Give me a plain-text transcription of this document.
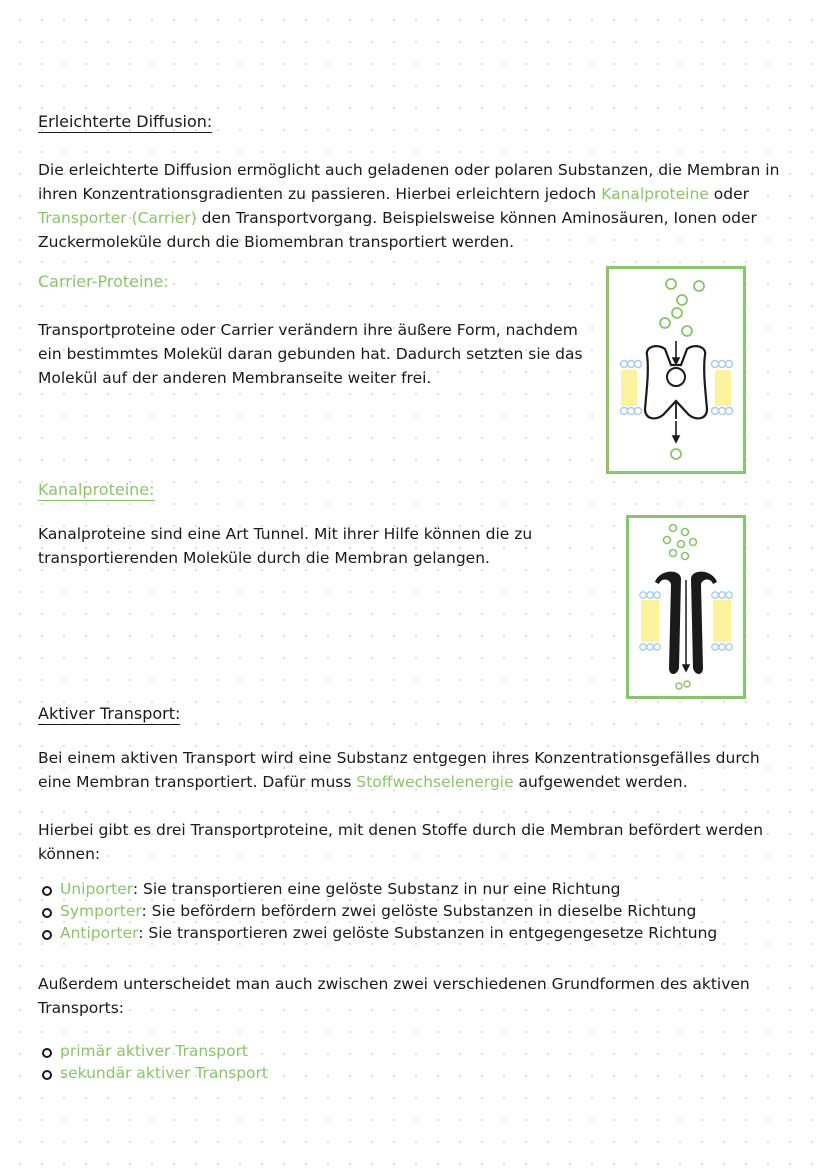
Erleichterte Diffusion:
Die erleichterte Diffusion ermöglicht auch geladenen oder polaren Substanzen, die Membran in ihren Konzentrationsgradienten zu passieren. Hierbei erleichtern jedoch Kanalproteine oder Transporter (Carrier) den Transportvorgang. Beispielsweise können Aminosäuren, Ionen oder Zuckermoleküle durch die Biomembran transportiert werden.
Carrier-Proteine:
Transportproteine oder Carrier verändern ihre äußere Form, nachdem ein bestimmtes Molekül daran gebunden hat. Dadurch setzten sie das Molekül auf der anderen Membranseite weiter frei.
Kanalproteine:
Kanalproteine sind eine Art Tunnel. Mit ihrer Hilfe können die zu transportierenden Moleküle durch die Membran gelangen.
Aktiver Transport:
Bei einem aktiven Transport wird eine Substanz entgegen ihres Konzentrationsgefälles durch eine Membran transportiert. Dafür muss Stoffwechselenergie aufgewendet werden.
Hierbei gibt es drei Transportproteine, mit denen Stoffe durch die Membran befördert werden können:
Uniporter: Sie transportieren eine gelöste Substanz in nur eine Richtung
Symporter: Sie befördern befördern zwei gelöste Substanzen in dieselbe Richtung
Antiporter: Sie transportieren zwei gelöste Substanzen in entgegengesetze Richtung
Außerdem unterscheidet man auch zwischen zwei verschiedenen Grundformen des aktiven Transports:
primär aktiver Transport
sekundär aktiver Transport
